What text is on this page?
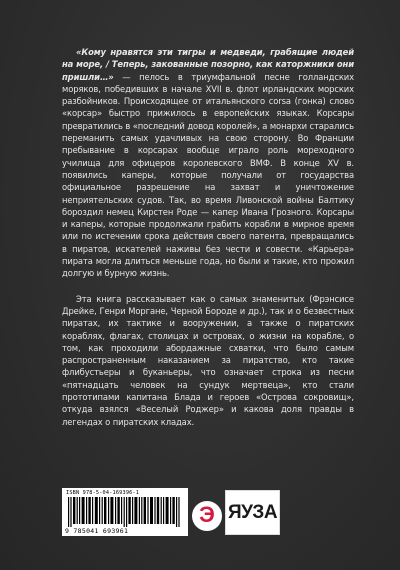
«Кому нравятся эти тигры и медведи, грабящие людей на море, / Теперь, закованные позорно, как каторжники они пришли…» — пелось в триумфальной песне голландских моряков, победивших в начале XVII в. флот ирландских морских разбойников. Происходящее от итальянского corsa (гонка) слово «корсар» быстро прижилось в европейских языках. Корсары превратились в «последний довод королей», а монархи старались переманить самых удачливых на свою сторону. Во Франции пребывание в корсарах вообще играло роль мореходного училища для офицеров королевского ВМФ. В конце XV в. появились каперы, которые получали от государства официальное разрешение на захват и уничтожение неприятельских судов. Так, во время Ливонской войны Балтику бороздил немец Кирстен Роде — капер Ивана Грозного. Корсары и каперы, которые продолжали грабить корабли в мирное время или по истечении срока действия своего патента, превращались в пиратов, искателей наживы без чести и совести. «Карьера» пирата могла длиться меньше года, но были и такие, кто прожил долгую и бурную жизнь.

Эта книга рассказывает как о самых знаменитых (Фрэнсисе Дрейке, Генри Моргане, Черной Бороде и др.), так и о безвестных пиратах, их тактике и вооружении, а также о пиратских кораблях, флагах, столицах и островах, о жизни на корабле, о том, как проходили абордажные схватки, что было самым распространенным наказанием за пиратство, кто такие флибустьеры и буканьеры, что означает строка из песни «пятнадцать человек на сундук мертвеца», кто стали прототипами капитана Блада и героев «Острова сокровищ», откуда взялся «Веселый Роджер» и какова доля правды в легендах о пиратских кладах.

ISBN 978-5-04-169396-1
9 785041 693961
Э ЯУЗА
